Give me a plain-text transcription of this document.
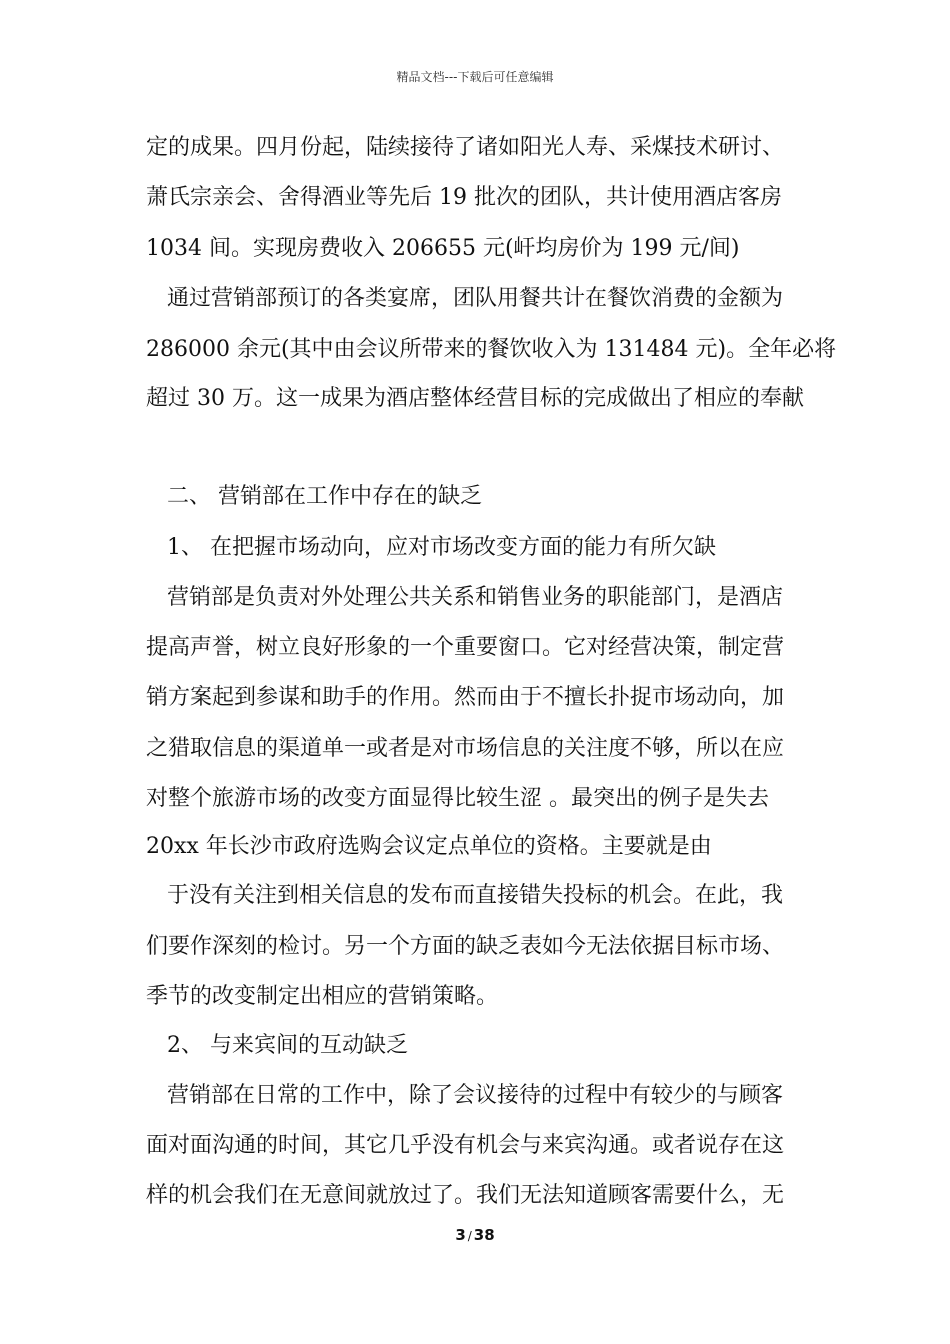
精品文档---下载后可任意编辑
定的成果。四月份起，陆续接待了诸如阳光人寿、采煤技术研讨、
萧氏宗亲会、舍得酒业等先后 19 批次的团队，共计使用酒店客房
1034 间。实现房费收入 206655 元(屽均房价为 199 元/间)
通过营销部预订的各类宴席，团队用餐共计在餐饮消费的金额为
286000 余元(其中由会议所带来的餐饮收入为 131484 元)。全年必将
超过 30 万。这一成果为酒店整体经营目标的完成做出了相应的奉献
二、 营销部在工作中存在的缺乏
1、 在把握市场动向，应对市场改变方面的能力有所欠缺
营销部是负责对外处理公共关系和销售业务的职能部门，是酒店
提高声誉，树立良好形象的一个重要窗口。它对经营决策，制定营
销方案起到参谋和助手的作用。然而由于不擅长扑捉市场动向，加
之猎取信息的渠道单一或者是对市场信息的关注度不够，所以在应
对整个旅游市场的改变方面显得比较生涩 。最突出的例子是失去
20xx 年长沙市政府选购会议定点单位的资格。主要就是由
于没有关注到相关信息的发布而直接错失投标的机会。在此，我
们要作深刻的检讨。另一个方面的缺乏表如今无法依据目标市场、
季节的改变制定出相应的营销策略。
2、 与来宾间的互动缺乏
营销部在日常的工作中，除了会议接待的过程中有较少的与顾客
面对面沟通的时间，其它几乎没有机会与来宾沟通。或者说存在这
样的机会我们在无意间就放过了。我们无法知道顾客需要什么，无
3 / 38
